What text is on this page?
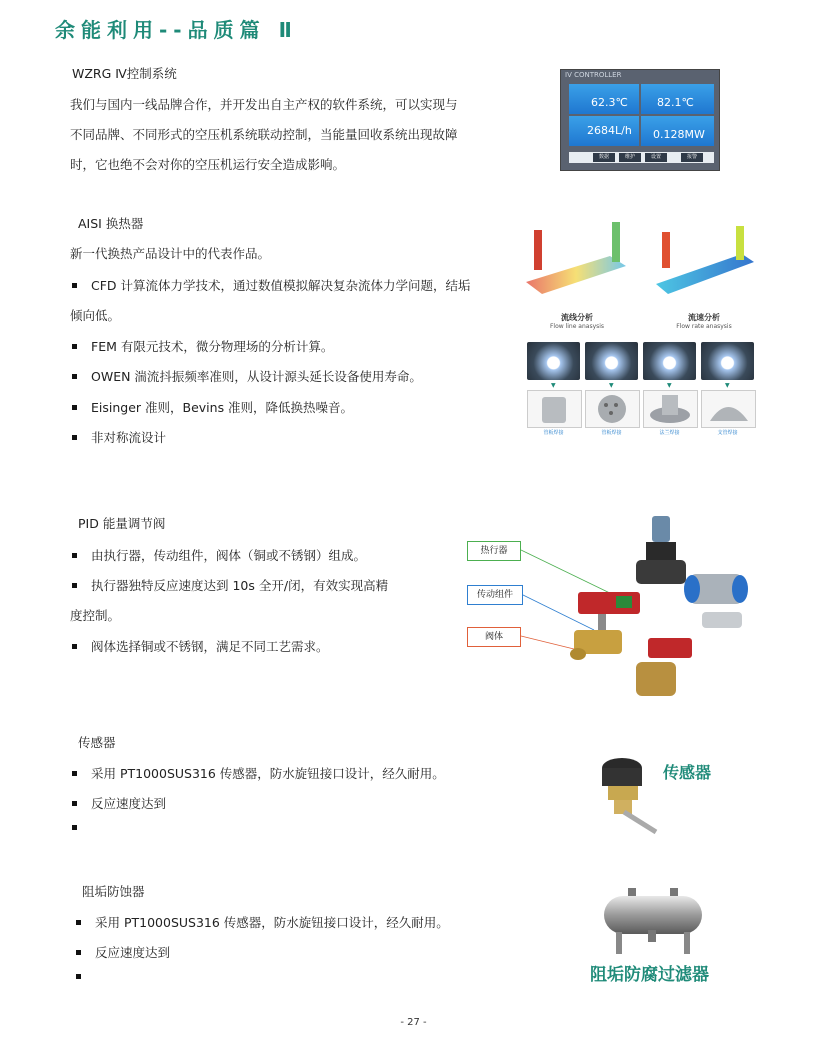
余能利用--品质篇 Ⅱ
WZRG Ⅳ控制系统
我们与国内一线品牌合作，并开发出自主产权的软件系统，可以实现与
不同品牌、不同形式的空压机系统联动控制，当能量回收系统出现故障
时，它也绝不会对你的空压机运行安全造成影响。
IV CONTROLLER
62.3℃	82.1℃
2684L/h 0.128MW
数据	维护	设置	报警
AISI 换热器
新一代换热产品设计中的代表作品。
CFD 计算流体力学技术，通过数值模拟解决复杂流体力学问题，结垢
倾向低。
FEM 有限元技术，微分物理场的分析计算。
OWEN 湍流抖振频率准则，从设计源头延长设备使用寿命。
Eisinger 准则，Bevins 准则，降低换热噪音。
非对称流设计
流线分析
Flow line anasysis
流速分析
Flow rate anasysis
▼	▼	▼	▼
管板焊接	管板焊接	法兰焊接	支管焊接
PID 能量调节阀
由执行器，传动组件，阀体（铜或不锈钢）组成。
执行器独特反应速度达到 10s 全开/闭，有效实现高精
度控制。
阀体选择铜或不锈钢，满足不同工艺需求。
热行器
传动组件
阀体
传感器
采用 PT1000SUS316 传感器，防水旋钮接口设计，经久耐用。
反应速度达到
传感器
阻垢防蚀器
采用 PT1000SUS316 传感器，防水旋钮接口设计，经久耐用。
反应速度达到
阻垢防腐过滤器
- 27 -
